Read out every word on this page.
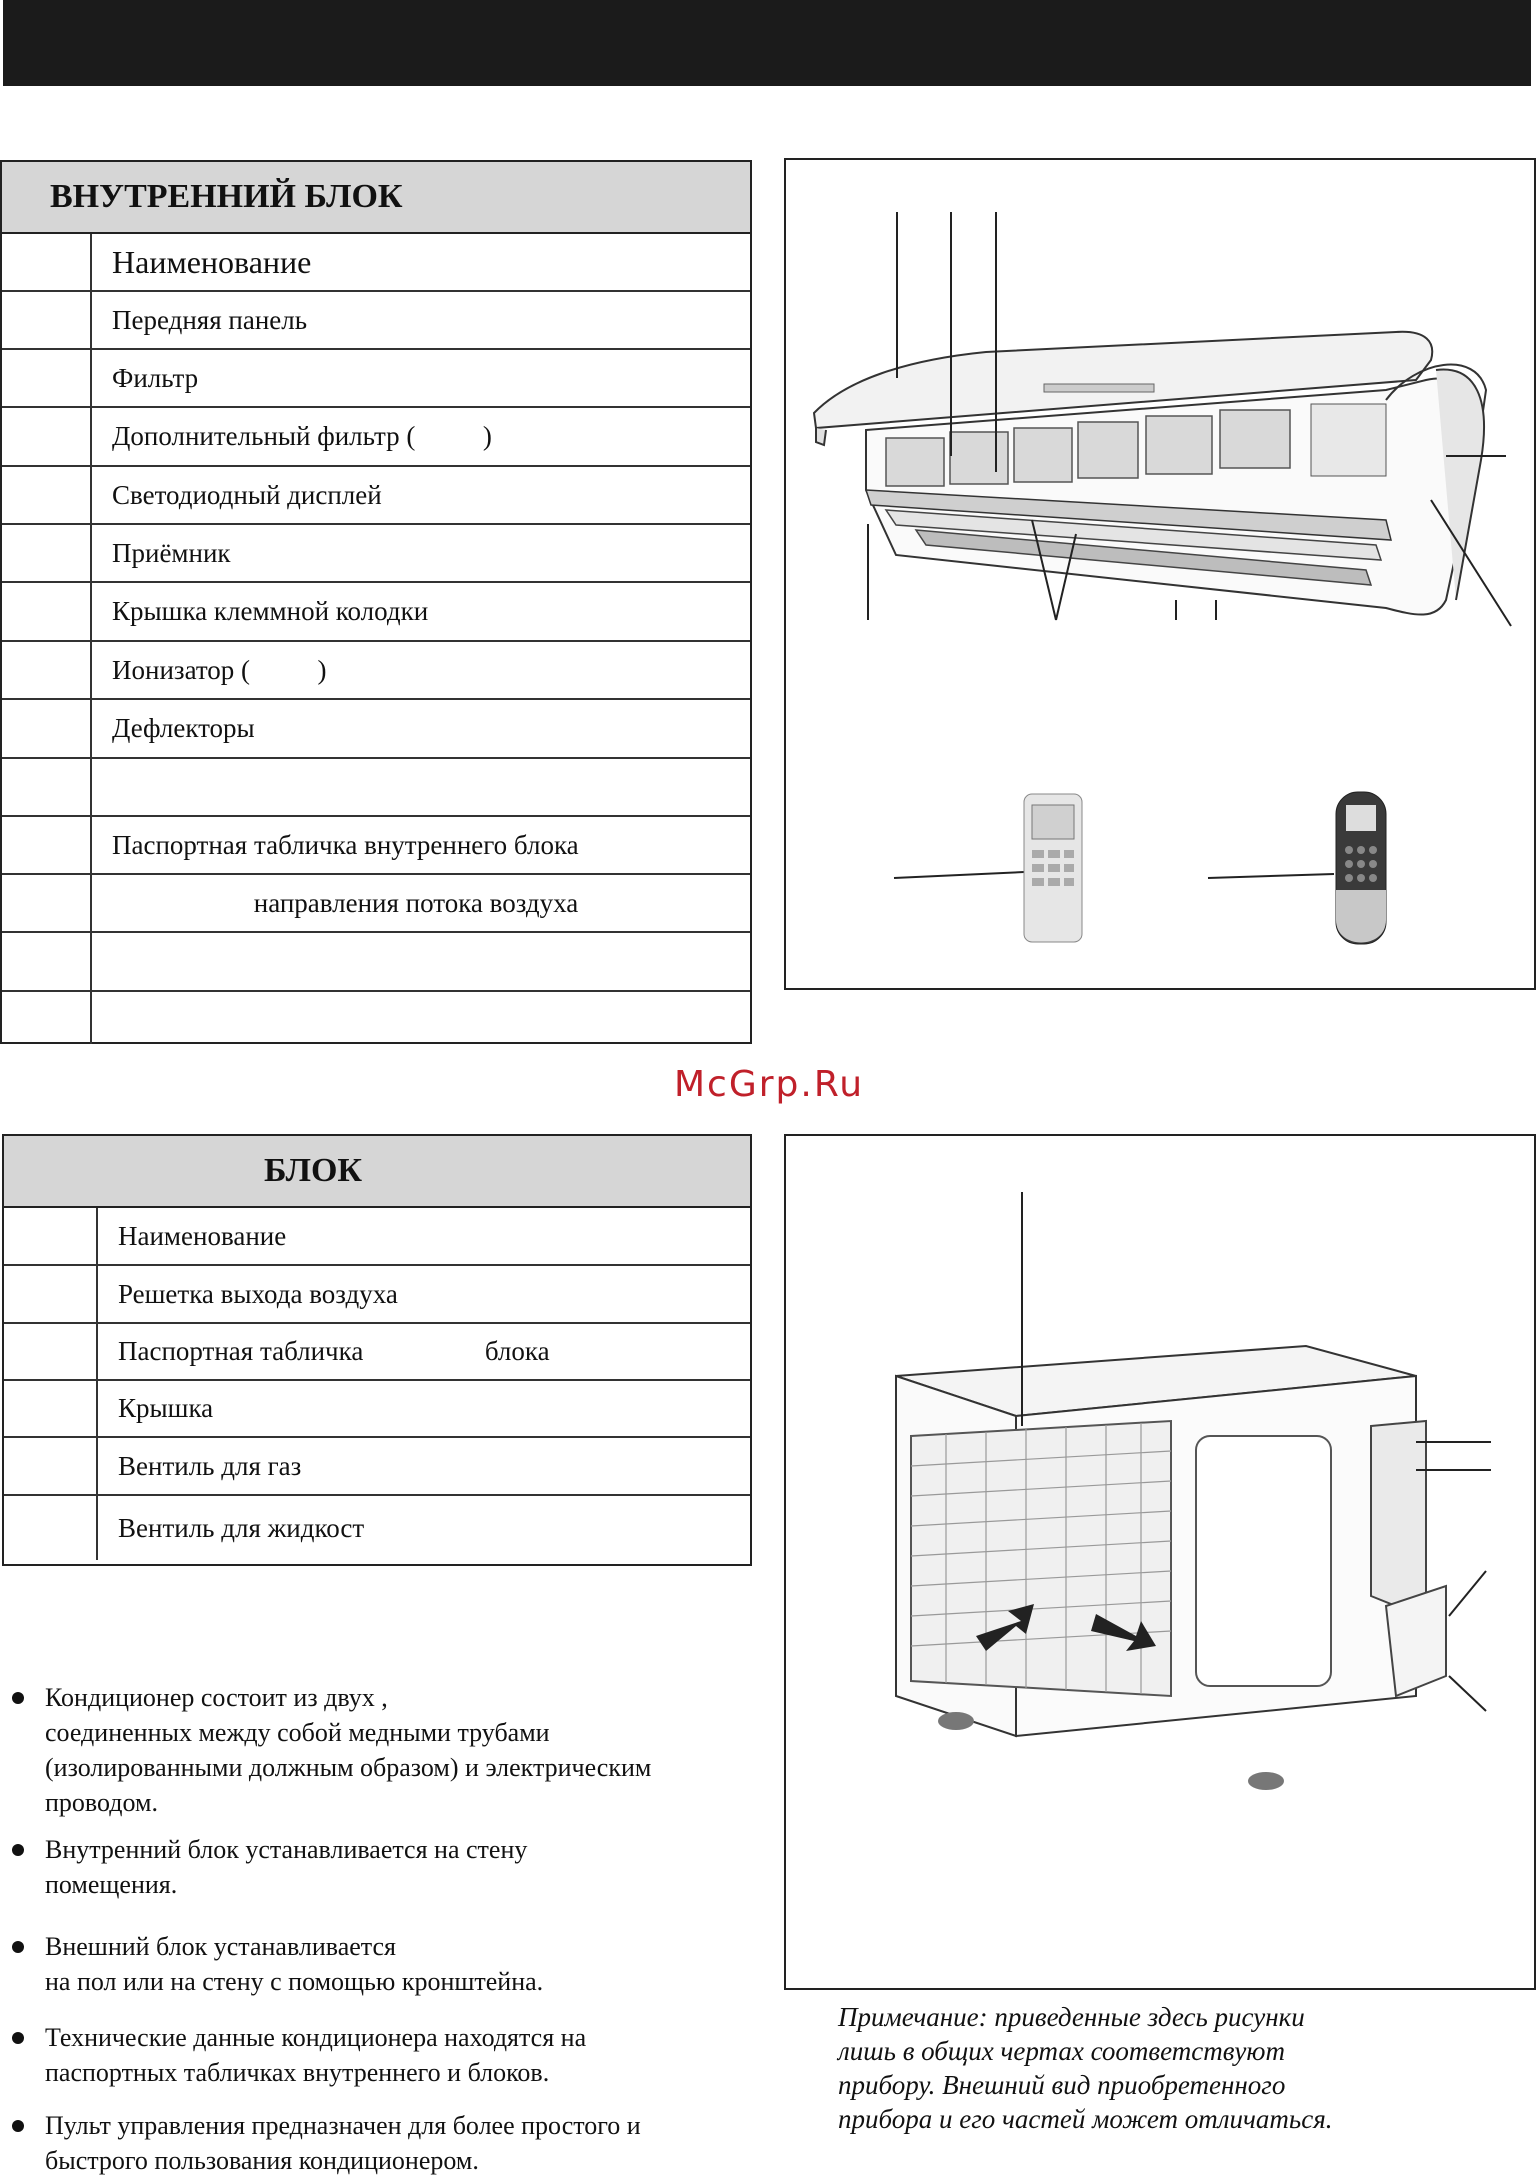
ВНУТРЕННИЙ БЛОК
Наименование
Передняя панель
Фильтр
Дополнительный фильтр (          )
Светодиодный дисплей
Приёмник
Крышка клеммной колодки
Ионизатор (          )
Дефлекторы
Паспортная табличка внутреннего блока
направления потока воздуха
McGrp.Ru
БЛОК
Наименование
Решетка выхода воздуха
Паспортная табличка                  блока
Крышка
Вентиль для газ
Вентиль для жидкост
Кондиционер состоит из двух ,
соединенных между собой медными трубами
(изолированными должным образом) и электрическим
проводом.
Внутренний блок устанавливается на стену
помещения.
Внешний блок устанавливается
на пол или на стену с помощью кронштейна.
Технические данные кондиционера находятся на
паспортных табличках внутреннего и блоков.
Пульт управления предназначен для более простого и
быстрого пользования кондиционером.
Примечание: приведенные здесь рисунки
лишь в общих чертах соответствуют
прибору. Внешний вид приобретенного
прибора и его частей может отличаться.
